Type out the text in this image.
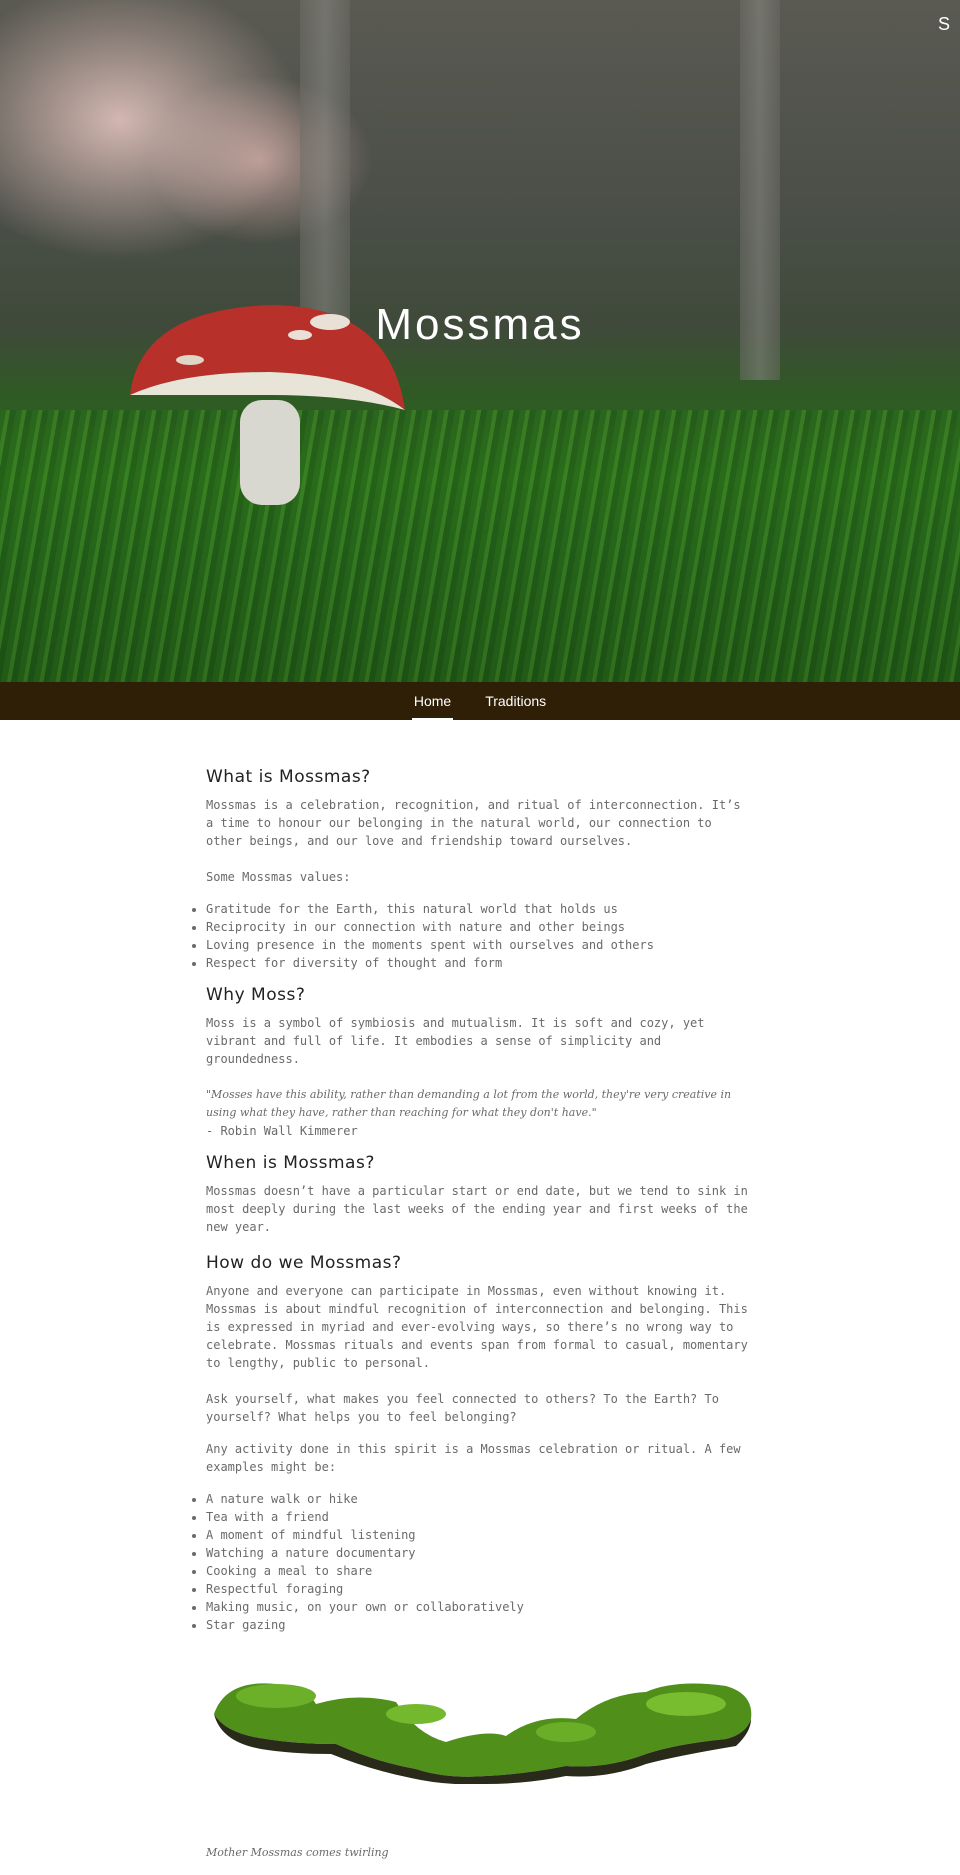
Mossmas
S
Home Traditions
What is Mossmas?

Mossmas is a celebration, recognition, and ritual of interconnection. It’s a time to honour our belonging in the natural world, our connection to other beings, and our love and friendship toward ourselves.

Some Mossmas values:

• Gratitude for the Earth, this natural world that holds us
• Reciprocity in our connection with nature and other beings
• Loving presence in the moments spent with ourselves and others
• Respect for diversity of thought and form
Why Moss?

Moss is a symbol of symbiosis and mutualism. It is soft and cozy, yet vibrant and full of life. It embodies a sense of simplicity and groundedness.

"Mosses have this ability, rather than demanding a lot from the world, they're very creative in using what they have, rather than reaching for what they don't have."

- Robin Wall Kimmerer

When is Mossmas?

Mossmas doesn’t have a particular start or end date, but we tend to sink in most deeply during the last weeks of the ending year and first weeks of the new year.

How do we Mossmas?

Anyone and everyone can participate in Mossmas, even without knowing it. Mossmas is about mindful recognition of interconnection and belonging. This is expressed in myriad and ever-evolving ways, so there’s no wrong way to celebrate. Mossmas rituals and events span from formal to casual, momentary to lengthy, public to personal.

Ask yourself, what makes you feel connected to others? To the Earth? To yourself? What helps you to feel belonging?

Any activity done in this spirit is a Mossmas celebration or ritual. A few examples might be:

• A nature walk or hike
• Tea with a friend
• A moment of mindful listening
• Watching a nature documentary
• Cooking a meal to share
• Respectful foraging
• Making music, on your own or collaboratively
• Star gazing

Mother Mossmas comes twirling
